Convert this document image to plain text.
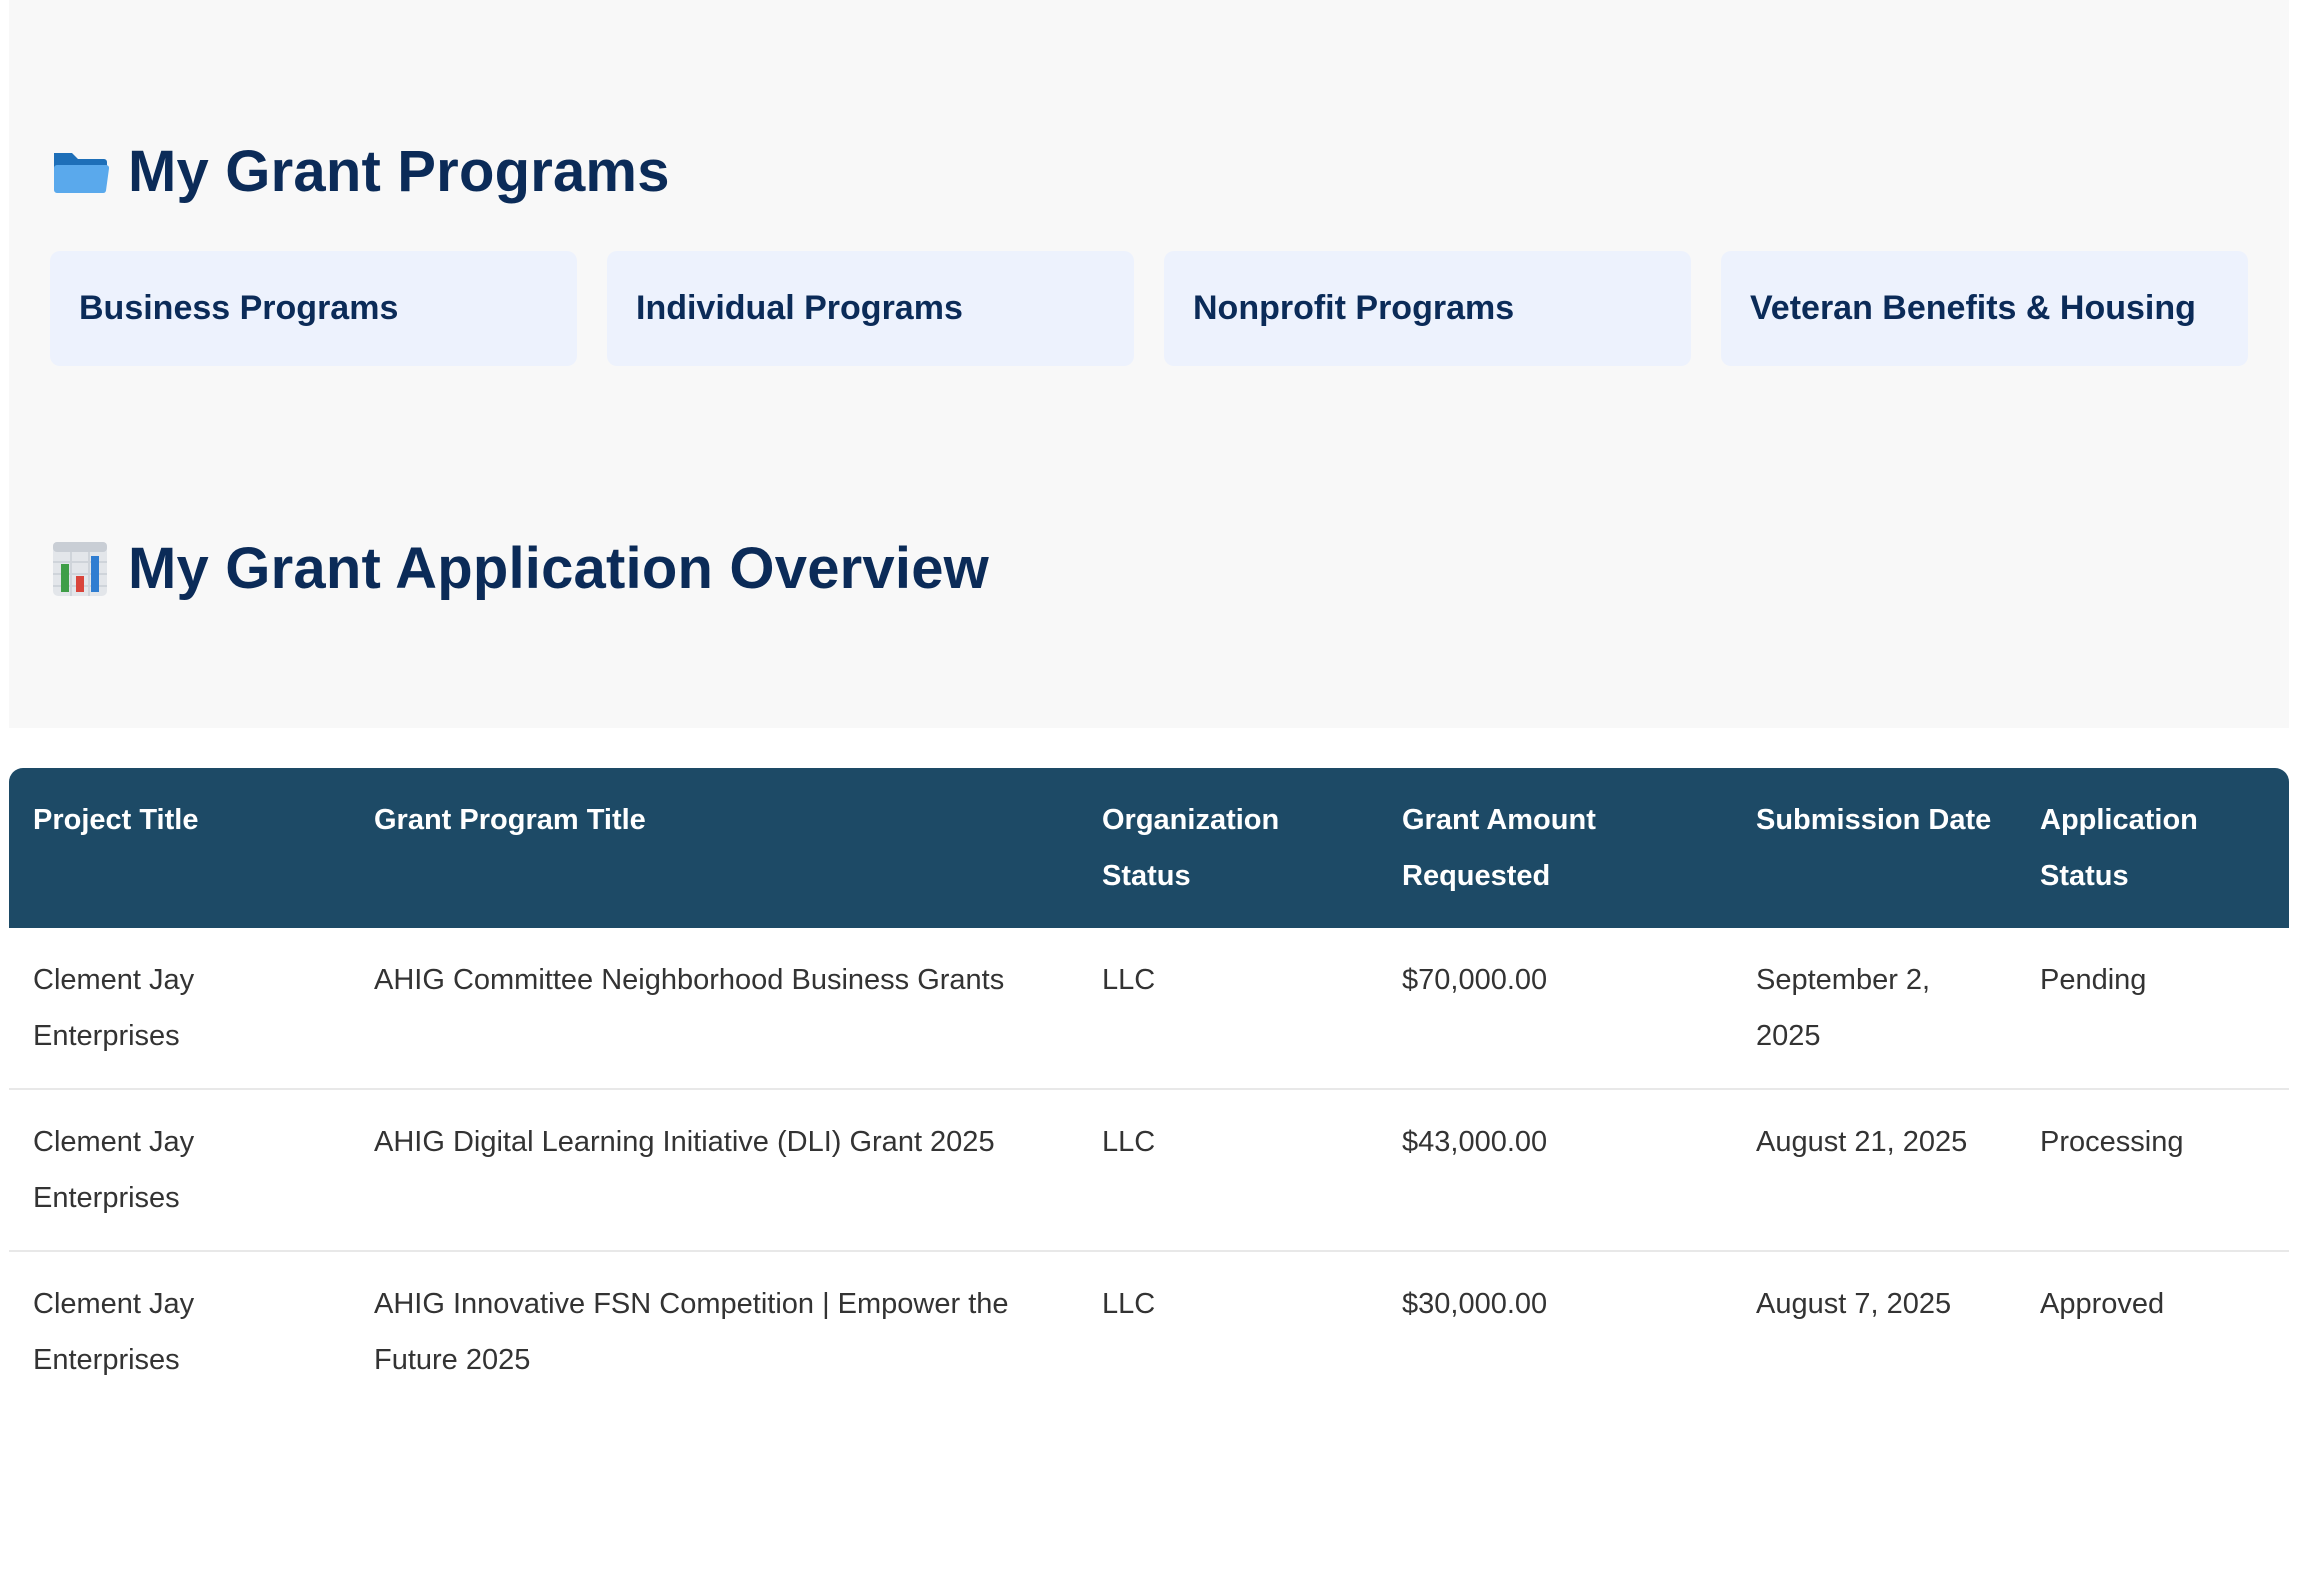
My Grant Programs
Business Programs	Individual Programs	Nonprofit Programs	Veteran Benefits & Housing
My Grant Application Overview
Project Title	Grant Program Title	Organization Status	Grant Amount Requested	Submission Date	Application Status
Clement Jay Enterprises	AHIG Committee Neighborhood Business Grants	LLC	$70,000.00	September 2, 2025	Pending
Clement Jay Enterprises	AHIG Digital Learning Initiative (DLI) Grant 2025	LLC	$43,000.00	August 21, 2025	Processing
Clement Jay Enterprises	AHIG Innovative FSN Competition | Empower the Future 2025	LLC	$30,000.00	August 7, 2025	Approved
